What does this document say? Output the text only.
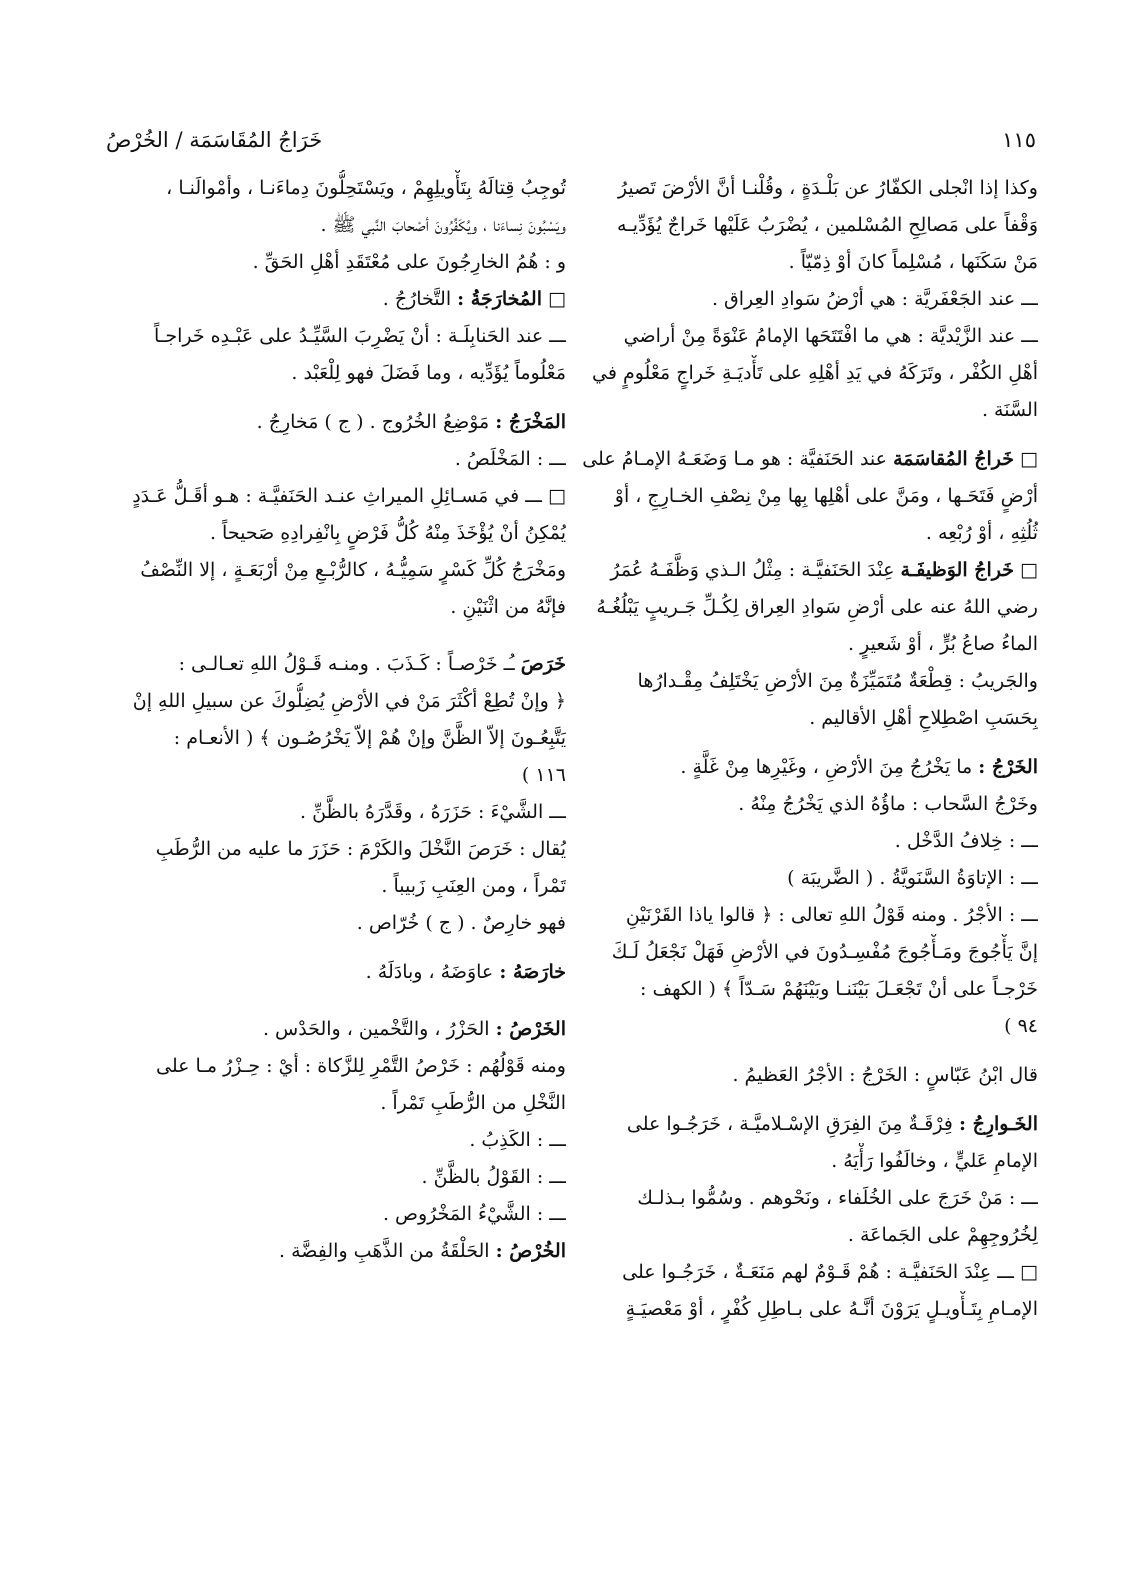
١١٥
خَرَاجُ المُقَاسَمَة / الخُرْصُ
وكذا إذا انْجلى الكفّارُ عن بَلْـدَةٍ ، وقُلْنـا أنَّ الأرْضَ تَصيرُ
وَقْفاً على مَصالِحِ المُسْلمين ، يُضْرَبُ عَلَيْها خَراجٌ يُؤَدِّيـه
مَنْ سَكَنَها ، مُسْلِماً كانَ أوْ ذِمّيّاً .
ـــ عند الجَعْفَريَّة : هي أرْضُ سَوادِ العِراق .
ـــ عند الزَّيْديَّة : هي ما افْتَتَحَها الإمامُ عَنْوَةً مِنْ أراضي
أهْلِ الكُفْر ، وتَرَكَهُ في يَدِ أهْلِهِ على تَأْديَـةِ خَراجٍ مَعْلُومٍ في
السَّنَة .
□ خَراجُ المُقاسَمَة عند الحَنَفيَّة : هو مـا وَضَعَـهُ الإمـامُ على
أرْضٍ فَتَحَـها ، ومَنَّ على أهْلِها بِها مِنْ نِصْفِ الخـارِجِ ، أوْ
ثُلُثِهِ ، أوْ رُبْعِه .
□ خَراجُ الوَظيفَـة عِنْدَ الحَنَفيَّـة : مِثْلُ الـذي وَظَّفَـهُ عُمَرُ
رضي اللهُ عنه على أرْضِ سَوادِ العِراق لِكُـلِّ جَـريبٍ يَبْلُغُـهُ
الماءُ صاعُ بُرٍّ ، أوْ شَعيرٍ .
والجَريبُ : قِطْعَةٌ مُتَمَيِّزَةٌ مِنَ الأرْضِ يَخْتَلِفُ مِقْـدارُها
بِحَسَبِ اصْطِلاحِ أهْلِ الأقاليم .
الخَرْجُ : ما يَخْرُجُ مِنَ الأرْضِ ، وغَيْرِها مِنْ غَلَّةٍ .
وخَرْجُ السَّحاب : ماؤُهُ الذي يَخْرُجُ مِنْهُ .
ـــ : خِلافُ الدَّخْل .
ـــ : الإتاوَةُ السَّنَويَّةُ . ( الضَّريبَة )
ـــ : الأجْرُ . ومنه قَوْلُ اللهِ تعالى : ﴿ قالوا ياذا القَرْنَيْنِ
إنَّ يَأْجُوجَ ومَـأْجُوجَ مُفْسِـدُونَ في الأرْضِ فَهَلْ نَجْعَلُ لَـكَ
خَرْجـاً على أنْ تَجْعَـلَ بَيْنَنـا وبَيْنَهُمْ سَـدّاً ﴾ ( الكهف :
٩٤ )
قال ابْنُ عَبّاسٍ : الخَرْجُ : الأجْرُ العَظيمُ .
الخَـوارِجُ : فِرْقَـةٌ مِنَ الفِرَقِ الإسْـلاميَّـة ، خَرَجُـوا على
الإمامِ عَليٍّ ، وخالَفُوا رَأْيَهُ .
ـــ : مَنْ خَرَجَ على الخُلَفاء ، ونَحْوهم . وسُمُّوا بـذلـك
لِخُرُوجِهِمْ على الجَماعَة .
□ ـــ عِنْدَ الحَنَفيَّـة : هُمْ قَـوْمٌ لهم مَنَعَـةٌ ، خَرَجُـوا على
الإمـامِ بِتَـأْويـلٍ يَرَوْنَ أنَّـهُ على بـاطِلِ كُفْرٍ ، أوْ مَعْصيَـةٍ
تُوجِبُ قِتالَهُ بِتَأْويلِهِمْ ، ويَسْتَحِلُّونَ دِماءَنـا ، وأمْوالَنـا ،
ويَسْبُونَ نِساءَنا ، ويُكَفِّرُونَ أصْحابَ النَّبي ﷺ .
و : هُمُ الخارِجُونَ على مُعْتَقَدِ أهْلِ الحَقِّ .
□ المُخارَجَةُ : التَّخارُجُ .
ـــ عند الحَنابِلَـة : أنْ يَضْرِبَ السَّيِّـدُ على عَبْـدِه خَراجـاً
مَعْلُوماً يُؤَدِّيه ، وما فَضَلَ فهو لِلْعَبْد .
المَخْرَجُ : مَوْضِعُ الخُرُوج . ( ج ) مَخارِجُ .
ـــ : المَخْلَصُ .
□ ـــ في مَسـائِلِ الميراثِ عنـد الحَنَفيَّـة : هـو أقَـلُّ عَـدَدٍ
يُمْكِنُ أنْ يُؤْخَذَ مِنْهُ كُلُّ فَرْضٍ بِانْفِرادِهِ صَحيحاً .
ومَخْرَجُ كُلِّ كَسْرٍ سَمِيُّـهُ ، كالرُّبْـعِ مِنْ أرْبَعَـةٍ ، إلا النِّصْفُ
فإنَّهُ من اثْنَيْنِ .
خَرَصَ ـُـ خَرْصـاً : كَـذَبَ . ومنـه قَـوْلُ اللهِ تعـالـى :
﴿ وإنْ تُطِعْ أكْثَرَ مَنْ في الأرْضِ يُضِلُّوكَ عن سبيلِ اللهِ إنْ
يَتَّبِعُـونَ إلاّ الظَّنَّ وإنْ هُمْ إلاّ يَخْرُصُـون ﴾ ( الأنعـام :
١١٦ )
ـــ الشَّيْءَ : حَزَرَهُ ، وقَدَّرَهُ بالظَّنِّ .
يُقال : خَرَصَ النَّخْلَ والكَرْمَ : حَزَرَ ما عليه من الرُّطَبِ
تَمْراً ، ومن العِنَبِ زَبيباً .
فهو خارِصٌ . ( ج ) خُرّاص .
خارَصَهُ : عاوَضَهُ ، وبادَلَهُ .
الخَرْصُ : الحَزْرُ ، والتَّخْمين ، والحَدْس .
ومنه قَوْلُهُم : خَرْصُ التَّمْرِ لِلزَّكاة : أيْ : حِـزْرُ مـا على
النَّخْلِ من الرُّطَبِ تَمْراً .
ـــ : الكَذِبُ .
ـــ : القَوْلُ بالظَّنِّ .
ـــ : الشَّيْءُ المَخْرُوص .
الخُرْصُ : الحَلْقَةُ من الذَّهَبِ والفِضَّة .
